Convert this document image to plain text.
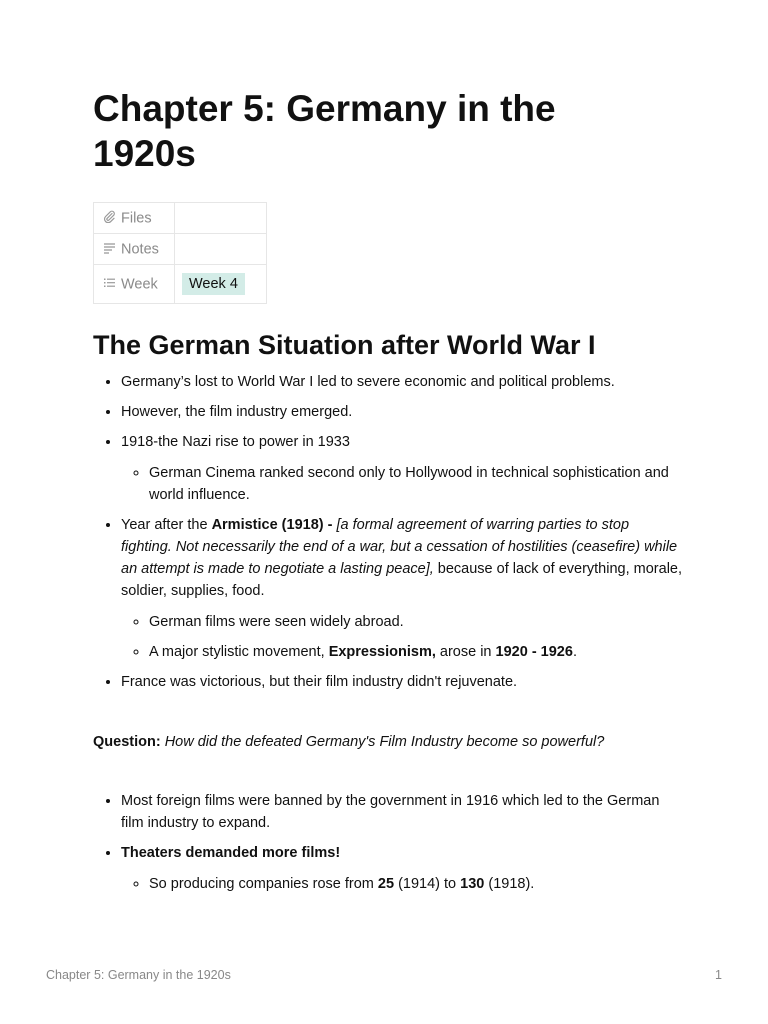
Chapter 5: Germany in the 1920s
Files	
Notes	
Week	Week 4
The German Situation after World War I
• Germany’s lost to World War I led to severe economic and political problems.
• However, the film industry emerged.
• 1918-the Nazi rise to power in 1933
◦ German Cinema ranked second only to Hollywood in technical sophistication and world influence.
• Year after the Armistice (1918) - [a formal agreement of warring parties to stop fighting. Not necessarily the end of a war, but a cessation of hostilities (ceasefire) while an attempt is made to negotiate a lasting peace], because of lack of everything, morale, soldier, supplies, food.
◦ German films were seen widely abroad.
◦ A major stylistic movement, Expressionism, arose in 1920 - 1926.
• France was victorious, but their film industry didn't rejuvenate.

Question: How did the defeated Germany's Film Industry become so powerful?

• Most foreign films were banned by the government in 1916 which led to the German film industry to expand.
• Theaters demanded more films!
◦ So producing companies rose from 25 (1914) to 130 (1918).
Chapter 5: Germany in the 1920s	1
